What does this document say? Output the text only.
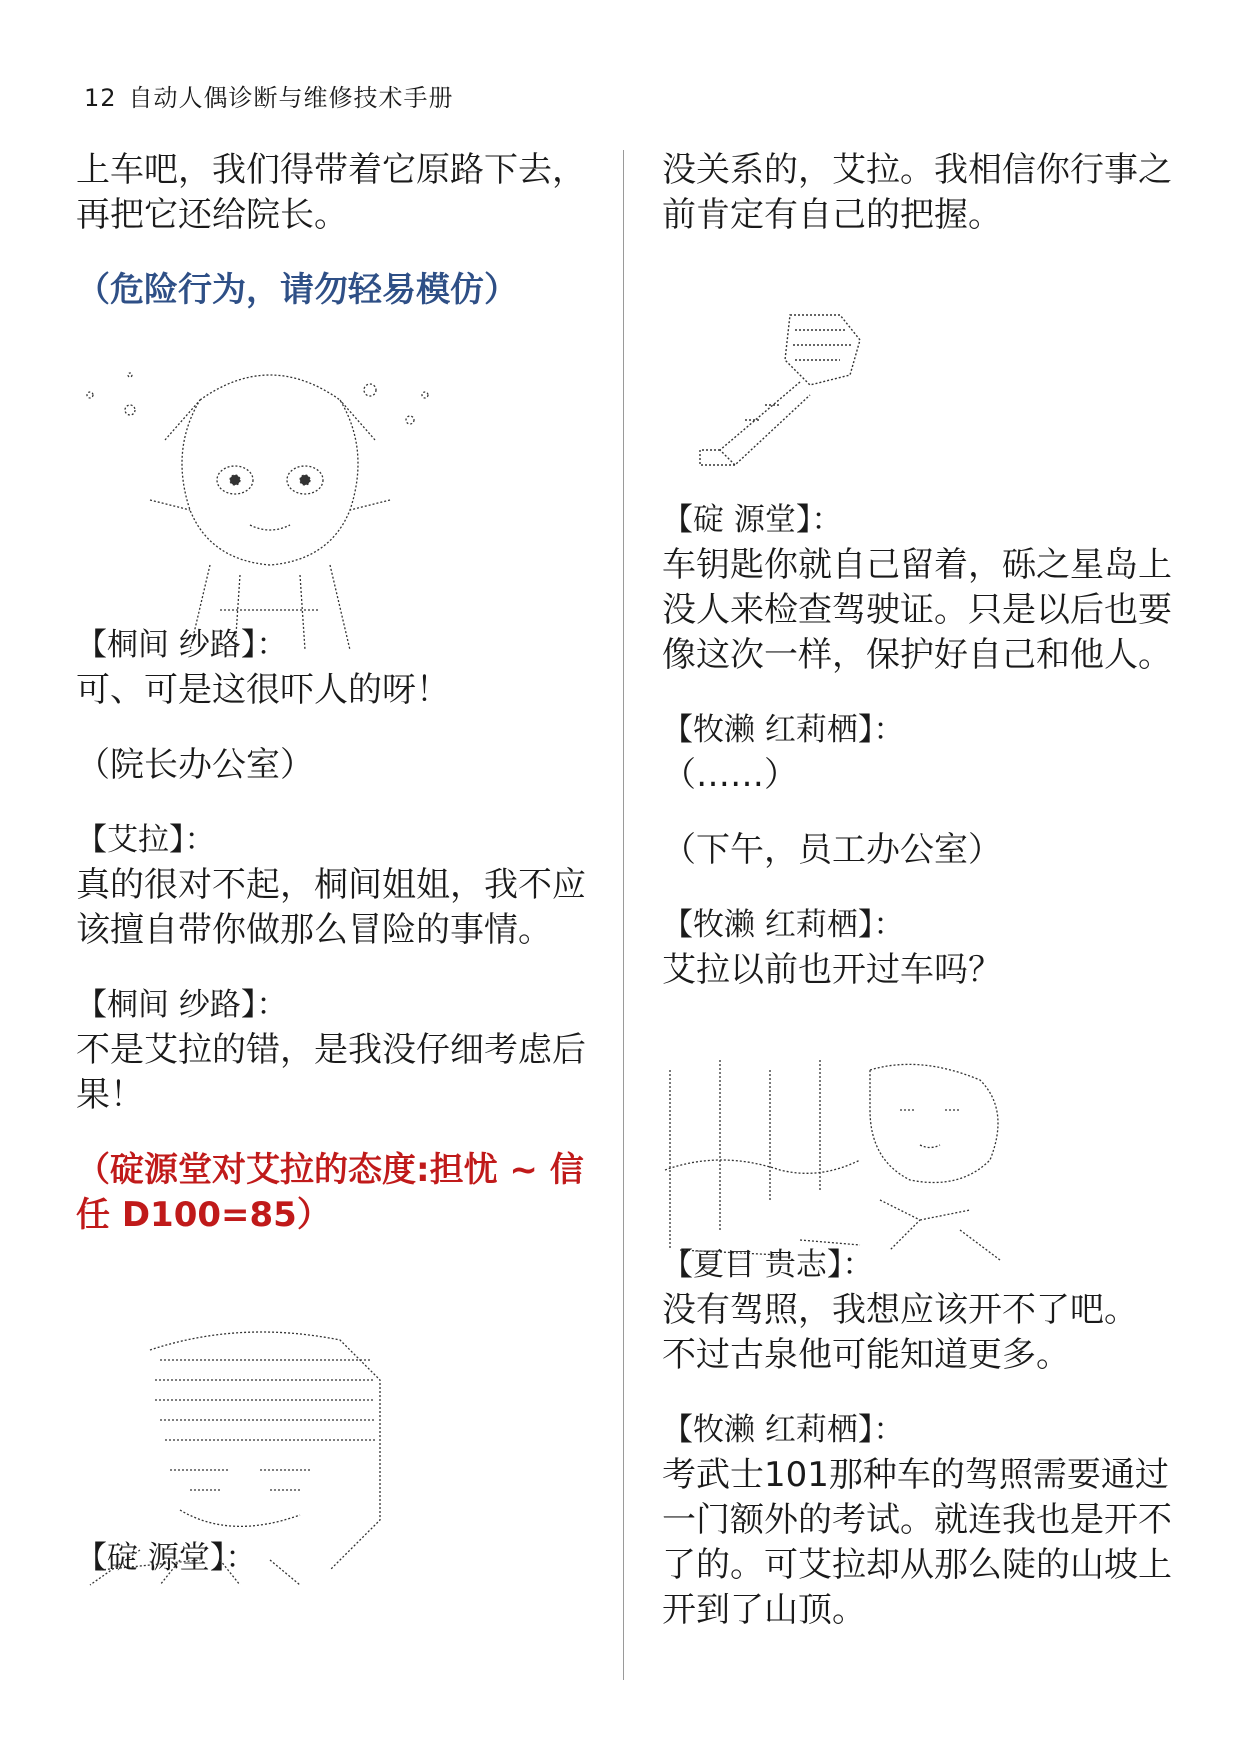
12 自动人偶诊断与维修技术手册

上车吧，我们得带着它原路下去，

再把它还给院长。

（危险行为，请勿轻易模仿）

【桐间 纱路】：

可、可是这很吓人的呀！

（院长办公室）

【艾拉】：

真的很对不起，桐间姐姐，我不应

该擅自带你做那么冒险的事情。

【桐间 纱路】：

不是艾拉的错，是我没仔细考虑后

果！

（碇源堂对艾拉的态度:担忧 ~ 信

任 D100=85）

【碇 源堂】：

没关系的，艾拉。我相信你行事之

前肯定有自己的把握。

【碇 源堂】：

车钥匙你就自己留着，砾之星岛上

没人来检查驾驶证。只是以后也要

像这次一样，保护好自己和他人。

【牧濑 红莉栖】：

（……）

（下午，员工办公室）

【牧濑 红莉栖】：

艾拉以前也开过车吗？

【夏目 贵志】：

没有驾照，我想应该开不了吧。

不过古泉他可能知道更多。

【牧濑 红莉栖】：

考武士101那种车的驾照需要通过

一门额外的考试。就连我也是开不

了的。可艾拉却从那么陡的山坡上

开到了山顶。
